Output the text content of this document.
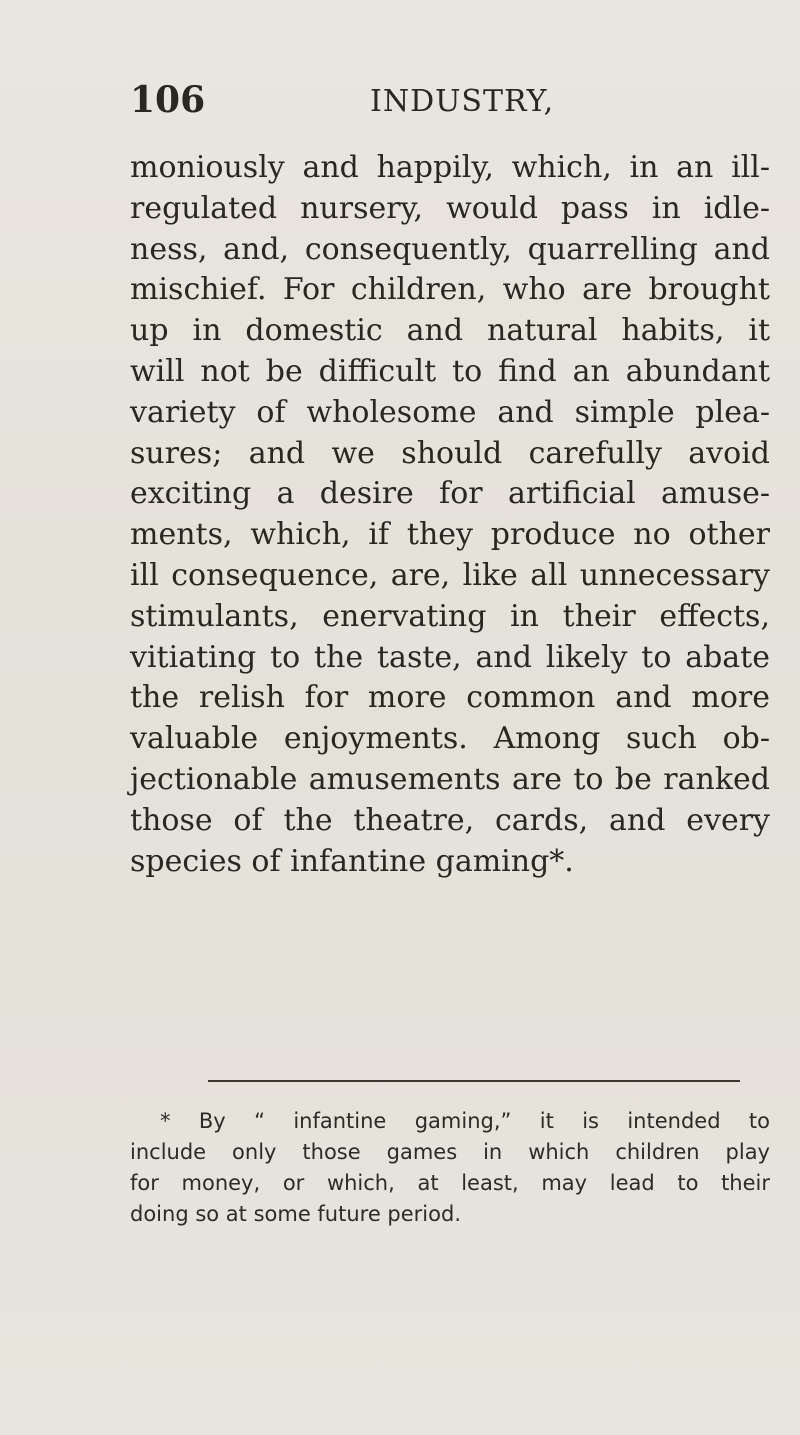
106	INDUSTRY,
moniously and happily, which, in an ill-
regulated nursery, would pass in idle-
ness, and, consequently, quarrelling and
mischief. For children, who are brought
up in domestic and natural habits, it
will not be difficult to find an abundant
variety of wholesome and simple plea-
sures; and we should carefully avoid
exciting a desire for artificial amuse-
ments, which, if they produce no other
ill consequence, are, like all unnecessary
stimulants, enervating in their effects,
vitiating to the taste, and likely to abate
the relish for more common and more
valuable enjoyments. Among such ob-
jectionable amusements are to be ranked
those of the theatre, cards, and every
species of infantine gaming*.
* By “ infantine gaming,” it is intended to
include only those games in which children play
for money, or which, at least, may lead to their
doing so at some future period.
